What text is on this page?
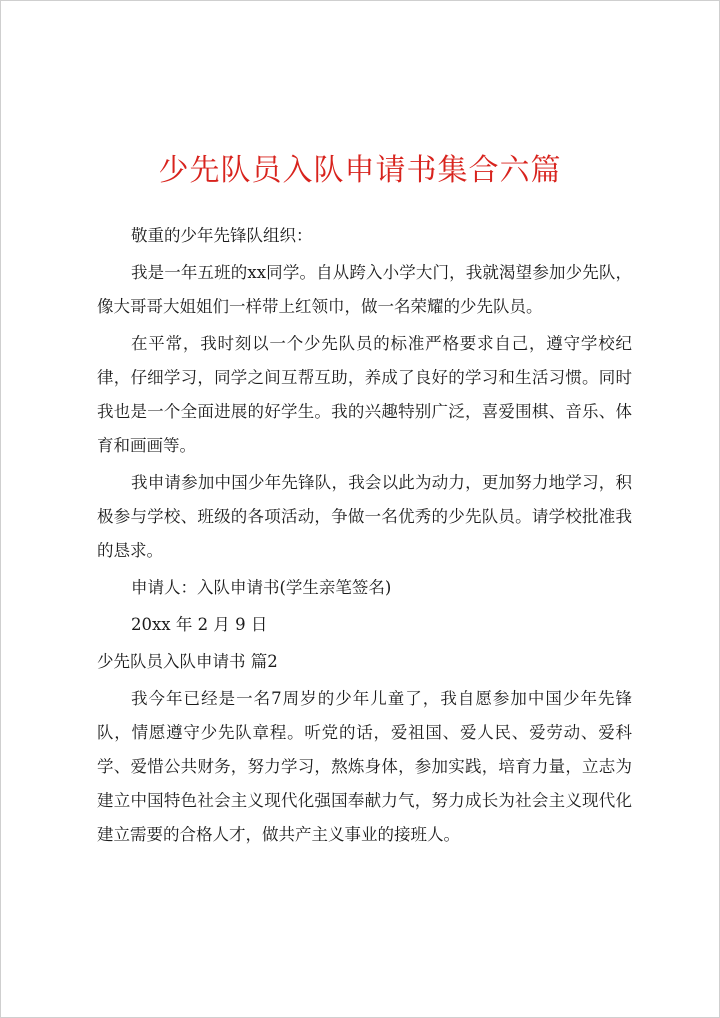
少先队员入队申请书集合六篇

敬重的少年先锋队组织：

我是一年五班的xx同学。自从跨入小学大门，我就渴望参加少先队，像大哥哥大姐姐们一样带上红领巾，做一名荣耀的少先队员。

在平常，我时刻以一个少先队员的标准严格要求自己，遵守学校纪律，仔细学习，同学之间互帮互助，养成了良好的学习和生活习惯。同时我也是一个全面进展的好学生。我的兴趣特别广泛，喜爱围棋、音乐、体育和画画等。

我申请参加中国少年先锋队，我会以此为动力，更加努力地学习，积极参与学校、班级的各项活动，争做一名优秀的少先队员。请学校批准我的恳求。

申请人：入队申请书(学生亲笔签名)

20xx 年 2 月 9 日

少先队员入队申请书 篇2

我今年已经是一名7周岁的少年儿童了，我自愿参加中国少年先锋队，情愿遵守少先队章程。听党的话，爱祖国、爱人民、爱劳动、爱科学、爱惜公共财务，努力学习，熬炼身体，参加实践，培育力量，立志为建立中国特色社会主义现代化强国奉献力气，努力成长为社会主义现代化建立需要的合格人才，做共产主义事业的接班人。
